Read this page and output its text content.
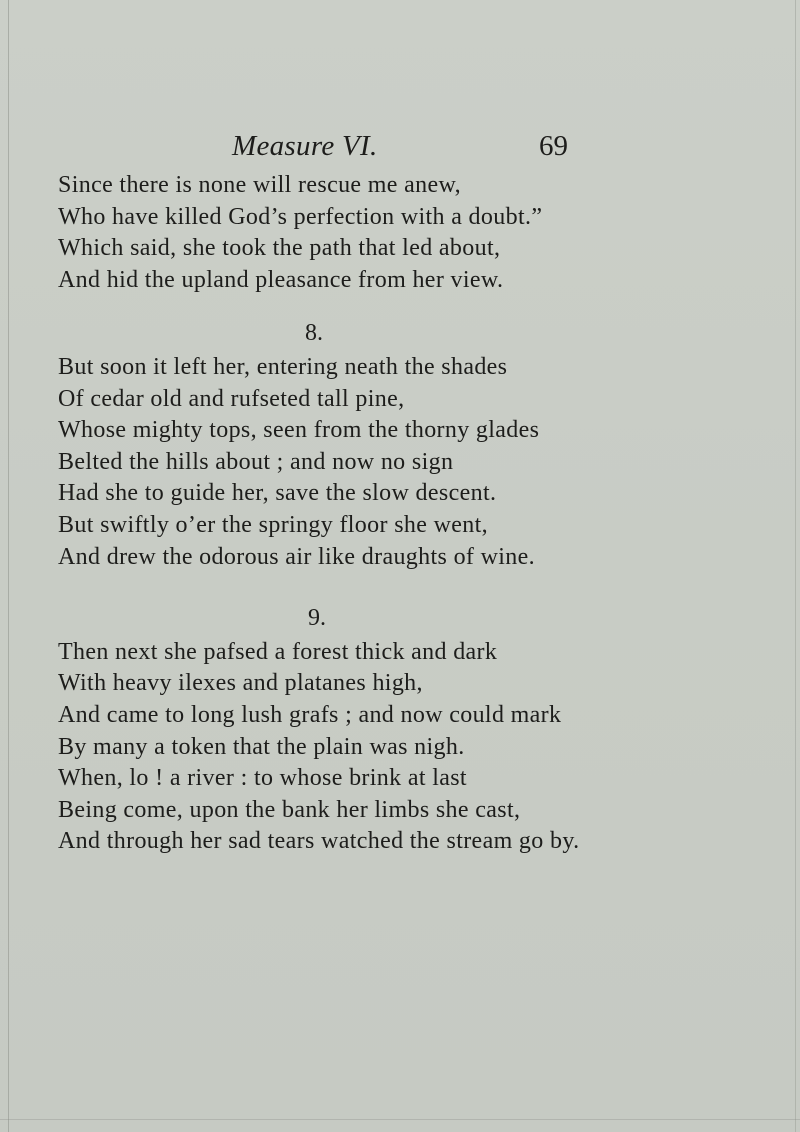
Measure VI.	69
Since there is none will rescue me anew,
Who have killed God’s perfection with a doubt.”
Which said, she took the path that led about,
And hid the upland pleasance from her view.
8.
But soon it left her, entering neath the shades
Of cedar old and rufseted tall pine,
Whose mighty tops, seen from the thorny glades
Belted the hills about ; and now no sign
Had she to guide her, save the slow descent.
But swiftly o’er the springy floor she went,
And drew the odorous air like draughts of wine.
9.
Then next she pafsed a forest thick and dark
With heavy ilexes and platanes high,
And came to long lush grafs ; and now could mark
By many a token that the plain was nigh.
When, lo ! a river : to whose brink at last
Being come, upon the bank her limbs she cast,
And through her sad tears watched the stream go by.
